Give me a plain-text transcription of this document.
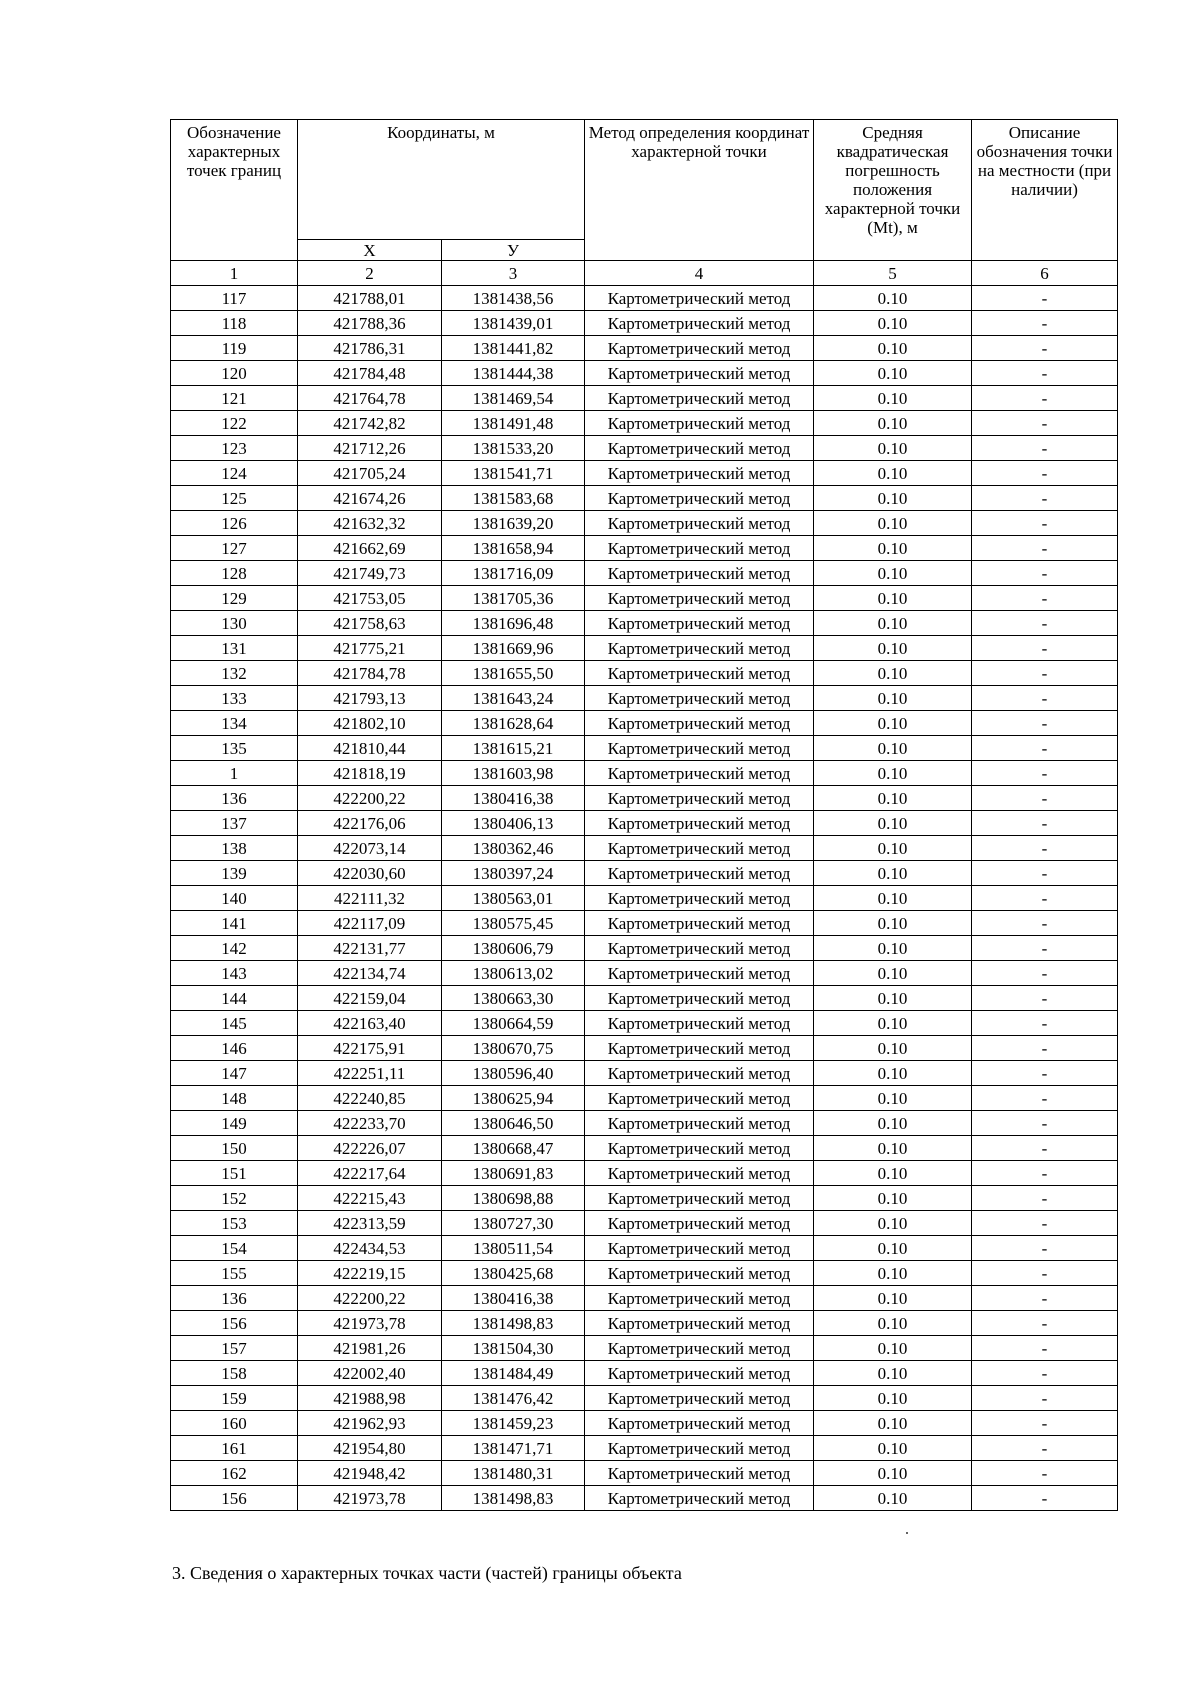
Обозначение характерных точек границ	Координаты, м		Метод определения координат характерной точки	Средняя квадратическая погрешность положения характерной точки (Mt), м	Описание обозначения точки на местности (при наличии)

	X	У			
1	2	3	4	5	6
117	421788,01	1381438,56	Картометрический метод	0.10	-
118	421788,36	1381439,01	Картометрический метод	0.10	-
119	421786,31	1381441,82	Картометрический метод	0.10	-
120	421784,48	1381444,38	Картометрический метод	0.10	-
121	421764,78	1381469,54	Картометрический метод	0.10	-
122	421742,82	1381491,48	Картометрический метод	0.10	-
123	421712,26	1381533,20	Картометрический метод	0.10	-
124	421705,24	1381541,71	Картометрический метод	0.10	-
125	421674,26	1381583,68	Картометрический метод	0.10	-
126	421632,32	1381639,20	Картометрический метод	0.10	-
127	421662,69	1381658,94	Картометрический метод	0.10	-
128	421749,73	1381716,09	Картометрический метод	0.10	-
129	421753,05	1381705,36	Картометрический метод	0.10	-
130	421758,63	1381696,48	Картометрический метод	0.10	-
131	421775,21	1381669,96	Картометрический метод	0.10	-
132	421784,78	1381655,50	Картометрический метод	0.10	-
133	421793,13	1381643,24	Картометрический метод	0.10	-
134	421802,10	1381628,64	Картометрический метод	0.10	-
135	421810,44	1381615,21	Картометрический метод	0.10	-
1	421818,19	1381603,98	Картометрический метод	0.10	-
136	422200,22	1380416,38	Картометрический метод	0.10	-
137	422176,06	1380406,13	Картометрический метод	0.10	-
138	422073,14	1380362,46	Картометрический метод	0.10	-
139	422030,60	1380397,24	Картометрический метод	0.10	-
140	422111,32	1380563,01	Картометрический метод	0.10	-
141	422117,09	1380575,45	Картометрический метод	0.10	-
142	422131,77	1380606,79	Картометрический метод	0.10	-
143	422134,74	1380613,02	Картометрический метод	0.10	-
144	422159,04	1380663,30	Картометрический метод	0.10	-
145	422163,40	1380664,59	Картометрический метод	0.10	-
146	422175,91	1380670,75	Картометрический метод	0.10	-
147	422251,11	1380596,40	Картометрический метод	0.10	-
148	422240,85	1380625,94	Картометрический метод	0.10	-
149	422233,70	1380646,50	Картометрический метод	0.10	-
150	422226,07	1380668,47	Картометрический метод	0.10	-
151	422217,64	1380691,83	Картометрический метод	0.10	-
152	422215,43	1380698,88	Картометрический метод	0.10	-
153	422313,59	1380727,30	Картометрический метод	0.10	-
154	422434,53	1380511,54	Картометрический метод	0.10	-
155	422219,15	1380425,68	Картометрический метод	0.10	-
136	422200,22	1380416,38	Картометрический метод	0.10	-
156	421973,78	1381498,83	Картометрический метод	0.10	-
157	421981,26	1381504,30	Картометрический метод	0.10	-
158	422002,40	1381484,49	Картометрический метод	0.10	-
159	421988,98	1381476,42	Картометрический метод	0.10	-
160	421962,93	1381459,23	Картометрический метод	0.10	-
161	421954,80	1381471,71	Картометрический метод	0.10	-
162	421948,42	1381480,31	Картометрический метод	0.10	-
156	421973,78	1381498,83	Картометрический метод	0.10	-
3. Сведения о характерных точках части (частей) границы объекта
